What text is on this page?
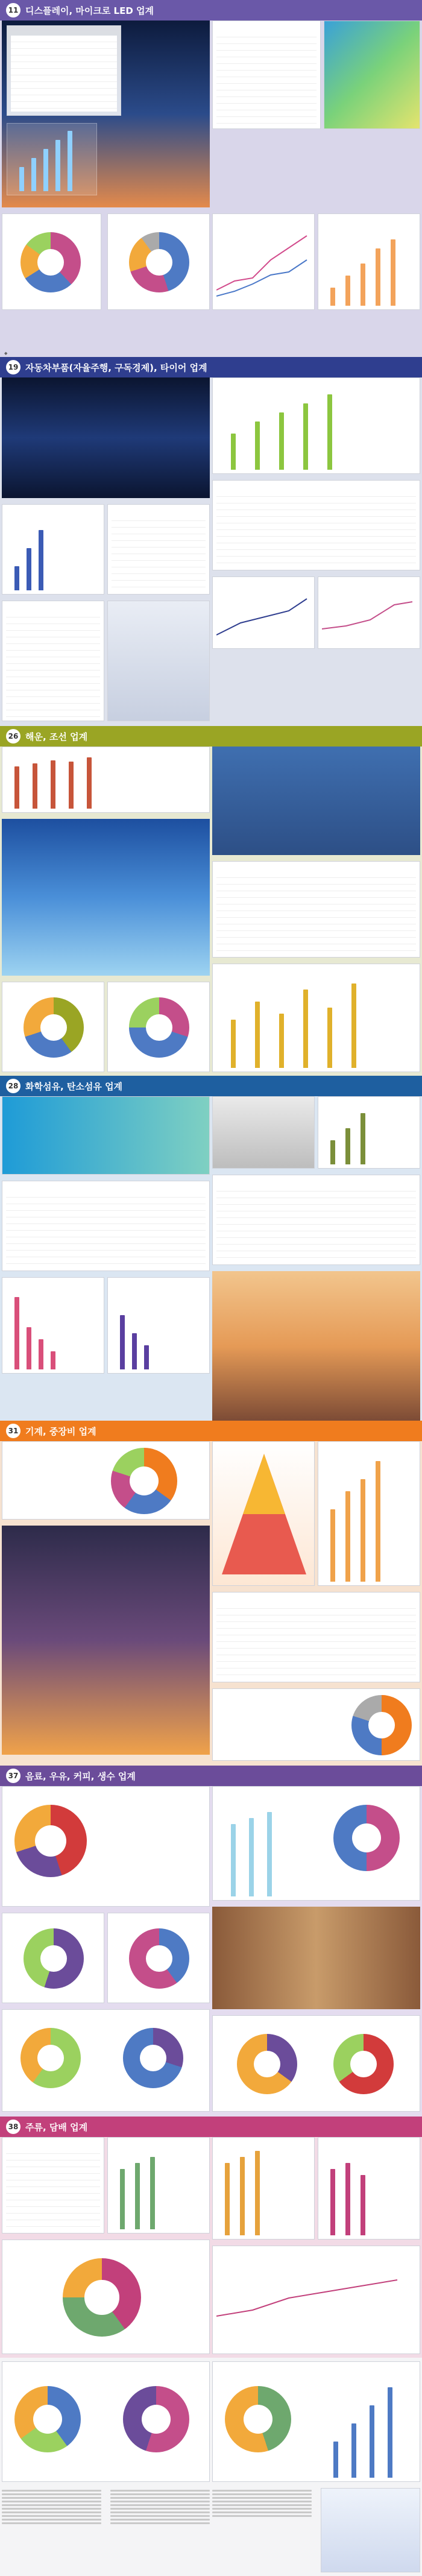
11 디스플레이, 마이크로 LED 업계
◆
19 자동차부품(자율주행, 구독경제), 타이어 업계
26 해운, 조선 업계
28 화학섬유, 탄소섬유 업계
31 기계, 중장비 업계
37 음료, 우유, 커피, 생수 업계
38 주류, 담배 업계
